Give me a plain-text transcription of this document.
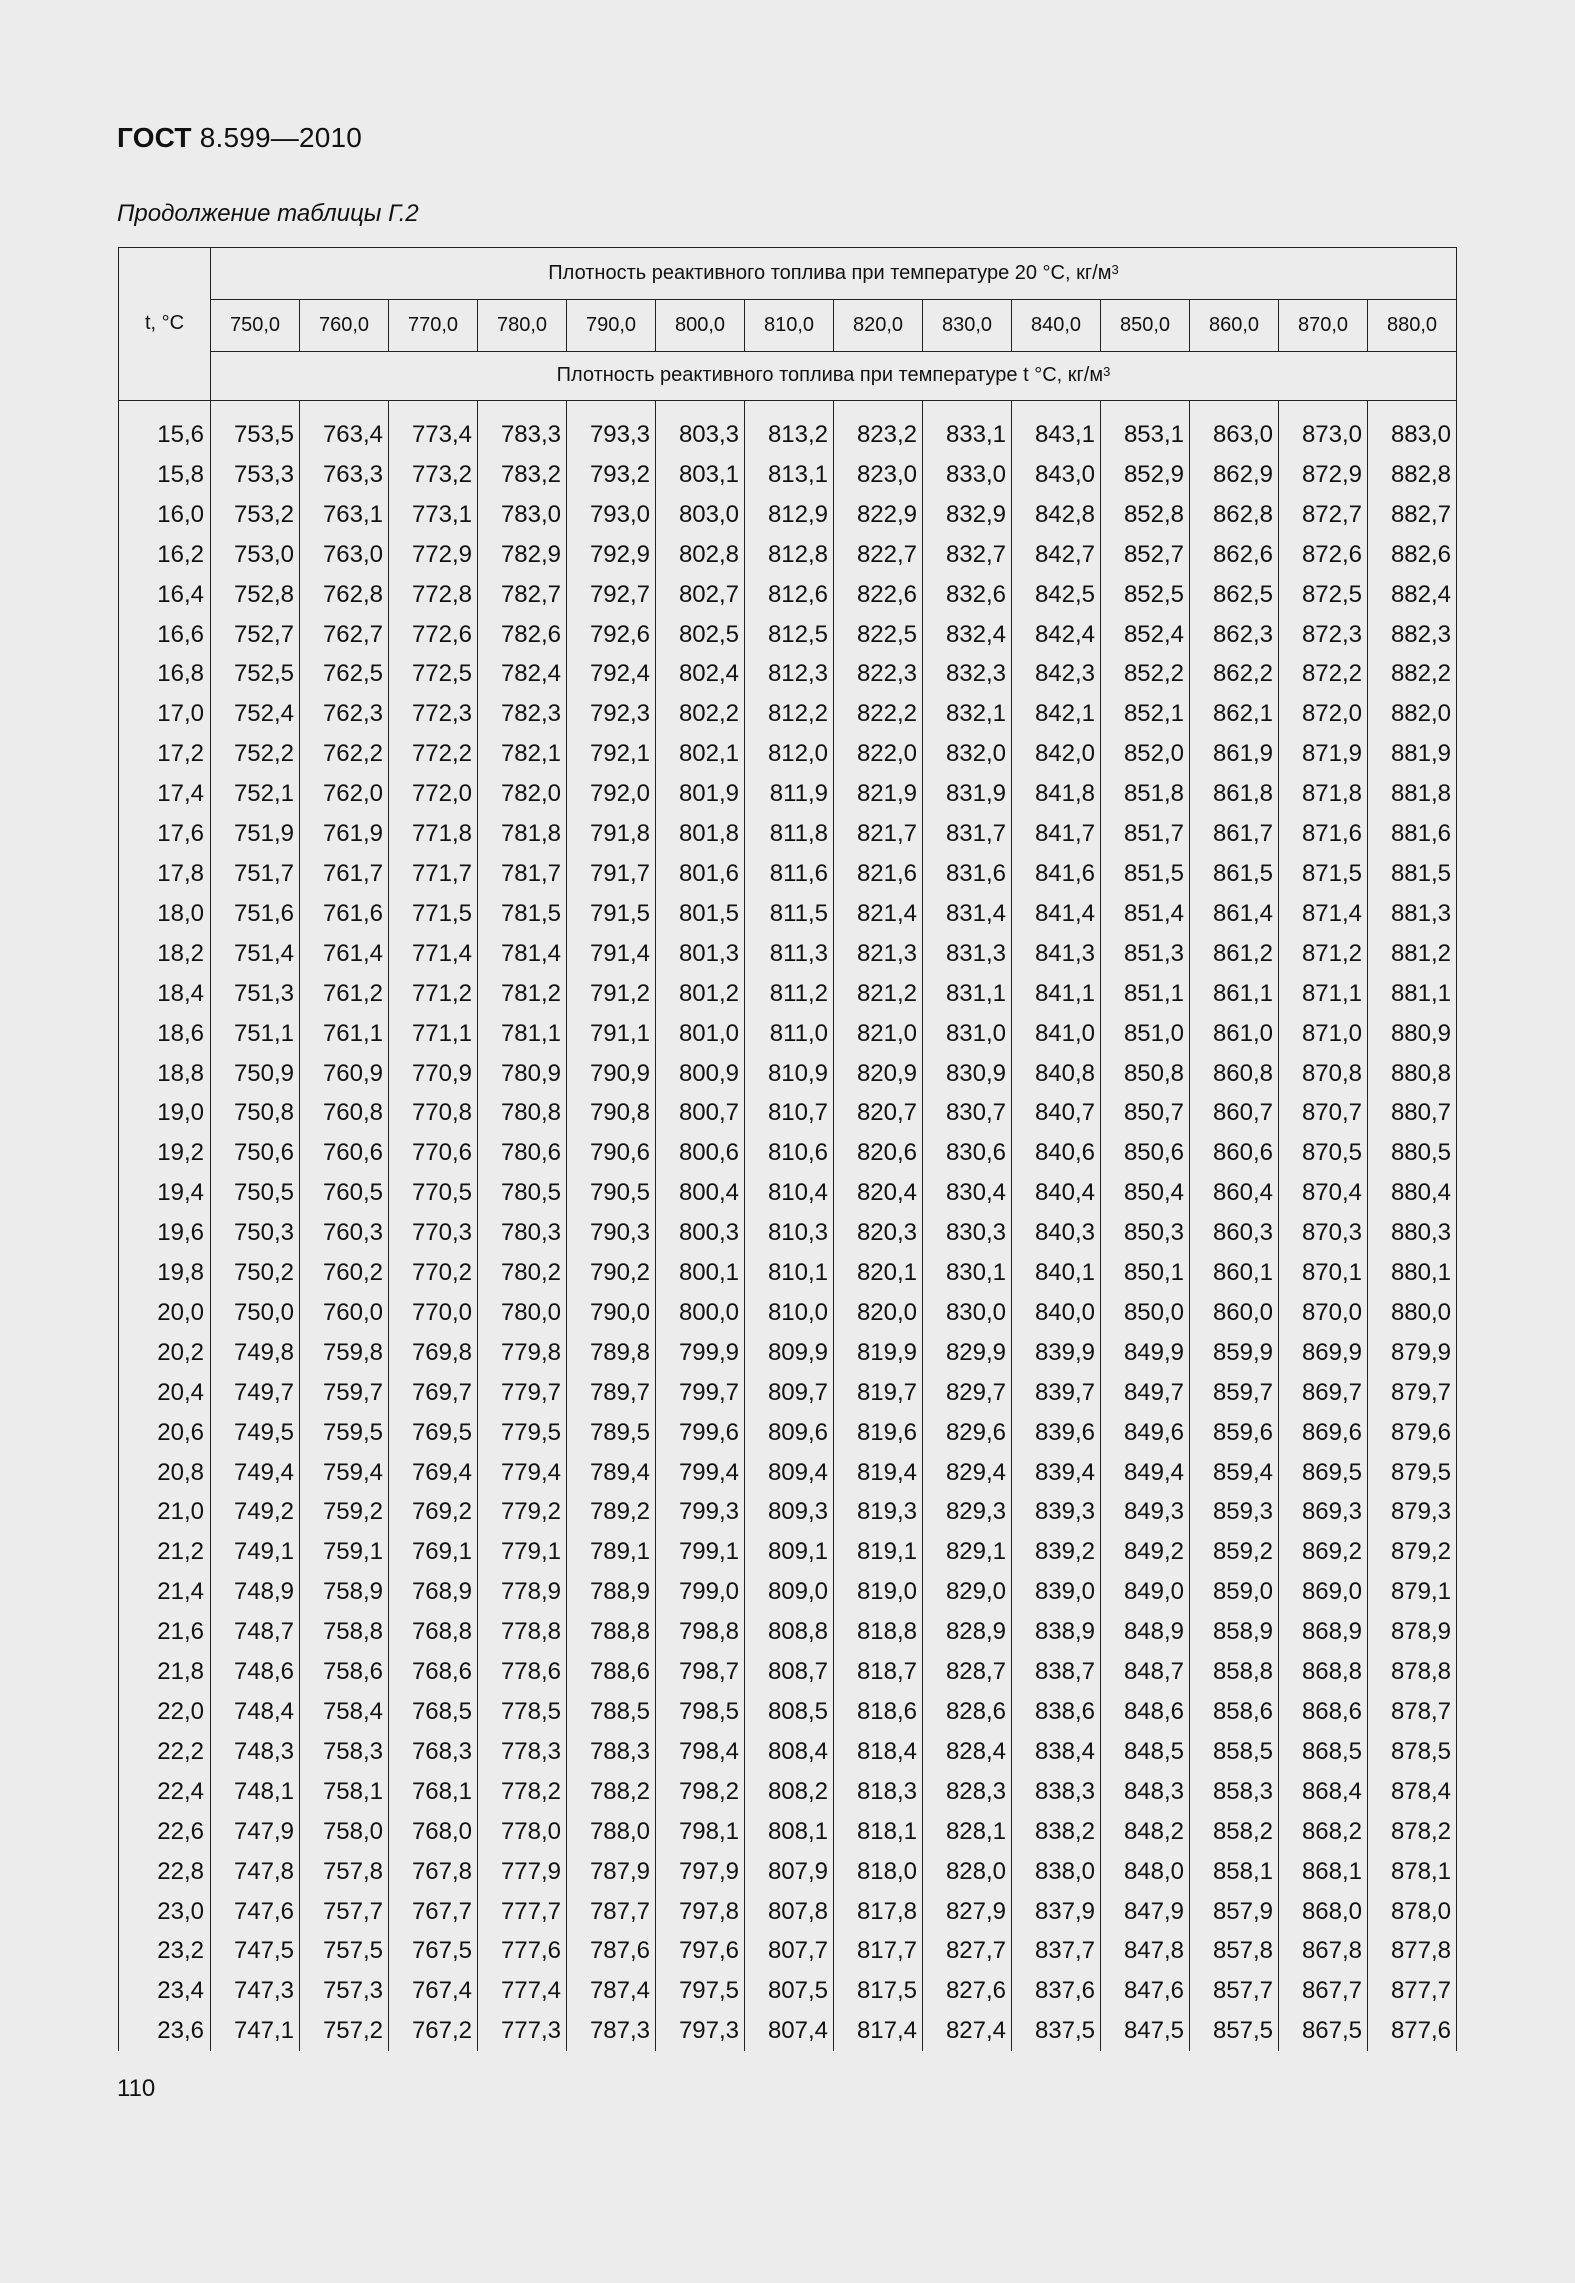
ГОСТ 8.599—2010
Продолжение таблицы Г.2
t, °С	Плотность реактивного топлива при температуре 20 °С, $кг/м^3$
	750,0	760,0	770,0	780,0	790,0	800,0	810,0	820,0	830,0	840,0	850,0	860,0	870,0	880,0
	Плотность реактивного топлива при температуре t °С, $кг/м^3$

15,6	753,5	763,4	773,4	783,3	793,3	803,3	813,2	823,2	833,1	843,1	853,1	863,0	873,0	883,0
15,8	753,3	763,3	773,2	783,2	793,2	803,1	813,1	823,0	833,0	843,0	852,9	862,9	872,9	882,8
16,0	753,2	763,1	773,1	783,0	793,0	803,0	812,9	822,9	832,9	842,8	852,8	862,8	872,7	882,7
16,2	753,0	763,0	772,9	782,9	792,9	802,8	812,8	822,7	832,7	842,7	852,7	862,6	872,6	882,6
16,4	752,8	762,8	772,8	782,7	792,7	802,7	812,6	822,6	832,6	842,5	852,5	862,5	872,5	882,4
16,6	752,7	762,7	772,6	782,6	792,6	802,5	812,5	822,5	832,4	842,4	852,4	862,3	872,3	882,3
16,8	752,5	762,5	772,5	782,4	792,4	802,4	812,3	822,3	832,3	842,3	852,2	862,2	872,2	882,2
17,0	752,4	762,3	772,3	782,3	792,3	802,2	812,2	822,2	832,1	842,1	852,1	862,1	872,0	882,0
17,2	752,2	762,2	772,2	782,1	792,1	802,1	812,0	822,0	832,0	842,0	852,0	861,9	871,9	881,9
17,4	752,1	762,0	772,0	782,0	792,0	801,9	811,9	821,9	831,9	841,8	851,8	861,8	871,8	881,8
17,6	751,9	761,9	771,8	781,8	791,8	801,8	811,8	821,7	831,7	841,7	851,7	861,7	871,6	881,6
17,8	751,7	761,7	771,7	781,7	791,7	801,6	811,6	821,6	831,6	841,6	851,5	861,5	871,5	881,5
18,0	751,6	761,6	771,5	781,5	791,5	801,5	811,5	821,4	831,4	841,4	851,4	861,4	871,4	881,3
18,2	751,4	761,4	771,4	781,4	791,4	801,3	811,3	821,3	831,3	841,3	851,3	861,2	871,2	881,2
18,4	751,3	761,2	771,2	781,2	791,2	801,2	811,2	821,2	831,1	841,1	851,1	861,1	871,1	881,1
18,6	751,1	761,1	771,1	781,1	791,1	801,0	811,0	821,0	831,0	841,0	851,0	861,0	871,0	880,9
18,8	750,9	760,9	770,9	780,9	790,9	800,9	810,9	820,9	830,9	840,8	850,8	860,8	870,8	880,8
19,0	750,8	760,8	770,8	780,8	790,8	800,7	810,7	820,7	830,7	840,7	850,7	860,7	870,7	880,7
19,2	750,6	760,6	770,6	780,6	790,6	800,6	810,6	820,6	830,6	840,6	850,6	860,6	870,5	880,5
19,4	750,5	760,5	770,5	780,5	790,5	800,4	810,4	820,4	830,4	840,4	850,4	860,4	870,4	880,4
19,6	750,3	760,3	770,3	780,3	790,3	800,3	810,3	820,3	830,3	840,3	850,3	860,3	870,3	880,3
19,8	750,2	760,2	770,2	780,2	790,2	800,1	810,1	820,1	830,1	840,1	850,1	860,1	870,1	880,1
20,0	750,0	760,0	770,0	780,0	790,0	800,0	810,0	820,0	830,0	840,0	850,0	860,0	870,0	880,0
20,2	749,8	759,8	769,8	779,8	789,8	799,9	809,9	819,9	829,9	839,9	849,9	859,9	869,9	879,9
20,4	749,7	759,7	769,7	779,7	789,7	799,7	809,7	819,7	829,7	839,7	849,7	859,7	869,7	879,7
20,6	749,5	759,5	769,5	779,5	789,5	799,6	809,6	819,6	829,6	839,6	849,6	859,6	869,6	879,6
20,8	749,4	759,4	769,4	779,4	789,4	799,4	809,4	819,4	829,4	839,4	849,4	859,4	869,5	879,5
21,0	749,2	759,2	769,2	779,2	789,2	799,3	809,3	819,3	829,3	839,3	849,3	859,3	869,3	879,3
21,2	749,1	759,1	769,1	779,1	789,1	799,1	809,1	819,1	829,1	839,2	849,2	859,2	869,2	879,2
21,4	748,9	758,9	768,9	778,9	788,9	799,0	809,0	819,0	829,0	839,0	849,0	859,0	869,0	879,1
21,6	748,7	758,8	768,8	778,8	788,8	798,8	808,8	818,8	828,9	838,9	848,9	858,9	868,9	878,9
21,8	748,6	758,6	768,6	778,6	788,6	798,7	808,7	818,7	828,7	838,7	848,7	858,8	868,8	878,8
22,0	748,4	758,4	768,5	778,5	788,5	798,5	808,5	818,6	828,6	838,6	848,6	858,6	868,6	878,7
22,2	748,3	758,3	768,3	778,3	788,3	798,4	808,4	818,4	828,4	838,4	848,5	858,5	868,5	878,5
22,4	748,1	758,1	768,1	778,2	788,2	798,2	808,2	818,3	828,3	838,3	848,3	858,3	868,4	878,4
22,6	747,9	758,0	768,0	778,0	788,0	798,1	808,1	818,1	828,1	838,2	848,2	858,2	868,2	878,2
22,8	747,8	757,8	767,8	777,9	787,9	797,9	807,9	818,0	828,0	838,0	848,0	858,1	868,1	878,1
23,0	747,6	757,7	767,7	777,7	787,7	797,8	807,8	817,8	827,9	837,9	847,9	857,9	868,0	878,0
23,2	747,5	757,5	767,5	777,6	787,6	797,6	807,7	817,7	827,7	837,7	847,8	857,8	867,8	877,8
23,4	747,3	757,3	767,4	777,4	787,4	797,5	807,5	817,5	827,6	837,6	847,6	857,7	867,7	877,7
23,6	747,1	757,2	767,2	777,3	787,3	797,3	807,4	817,4	827,4	837,5	847,5	857,5	867,5	877,6
110
